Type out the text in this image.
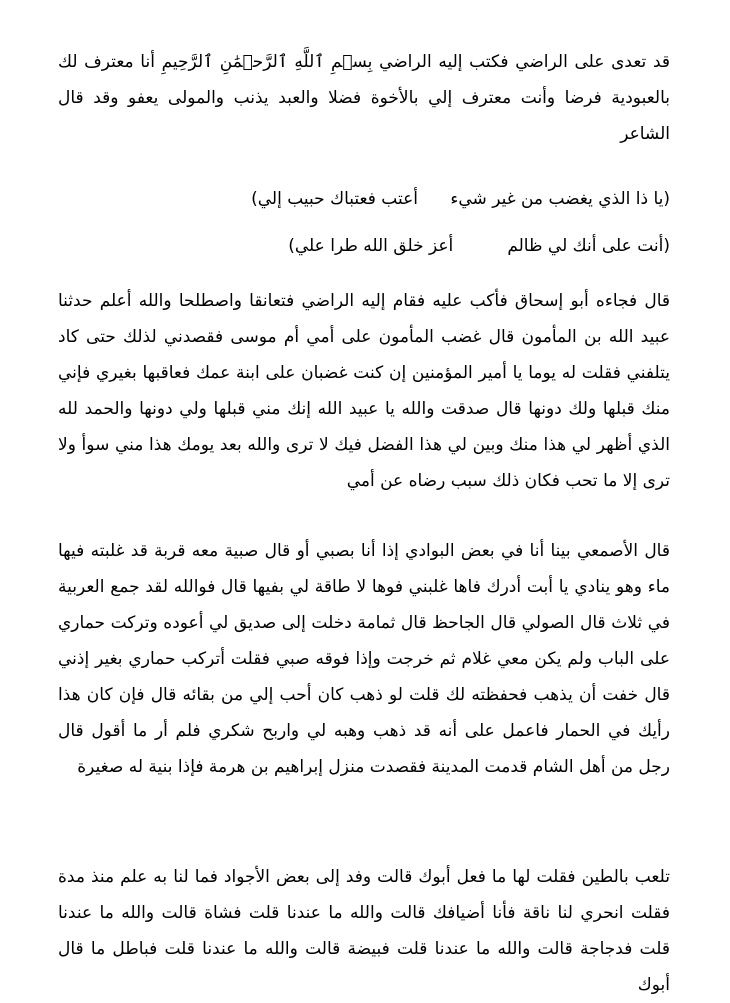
قد تعدى على الراضي فكتب إليه الراضي بِسۡمِ ٱللَّهِ ٱلرَّحۡمَٰنِ ٱلرَّحِيمِ أنا معترف لك بالعبودية فرضا وأنت معترف إلي بالأخوة فضلا والعبد يذنب والمولى يعفو وقد قال الشاعر

(يا ذا الذي يغضب من غير شيء      أعتب فعتباك حبيب إلي)

(أنت على أنك لي ظالم          أعز خلق الله طرا علي)

قال فجاءه أبو إسحاق فأكب عليه فقام إليه الراضي فتعانقا واصطلحا والله أعلم حدثنا عبيد الله بن المأمون قال غضب المأمون على أمي أم موسى فقصدني لذلك حتى كاد يتلفني فقلت له يوما يا أمير المؤمنين إن كنت غضبان على ابنة عمك فعاقبها بغيري فإني منك قبلها ولك دونها قال صدقت والله يا عبيد الله إنك مني قبلها ولي دونها والحمد لله الذي أظهر لي هذا منك وبين لي هذا الفضل فيك لا ترى والله بعد يومك هذا مني سوأ ولا ترى إلا ما تحب فكان ذلك سبب رضاه عن أمي

قال الأصمعي بينا أنا في بعض البوادي إذا أنا بصبي أو قال صبية معه قربة قد غلبته فيها ماء وهو ينادي يا أبت أدرك فاها غلبني فوها لا طاقة لي بفيها قال فوالله لقد جمع العربية في ثلاث قال الصولي قال الجاحظ قال ثمامة دخلت إلى صديق لي أعوده وتركت حماري على الباب ولم يكن معي غلام ثم خرجت وإذا فوقه صبي فقلت أتركب حماري بغير إذني قال خفت أن يذهب فحفظته لك قلت لو ذهب كان أحب إلي من بقائه قال فإن كان هذا رأيك في الحمار فاعمل على أنه قد ذهب وهبه لي واربح شكري فلم أر ما أقول قال رجل من أهل الشام قدمت المدينة فقصدت منزل إبراهيم بن هرمة فإذا بنية له صغيرة

تلعب بالطين فقلت لها ما فعل أبوك قالت وفد إلى بعض الأجواد فما لنا به علم منذ مدة فقلت انحري لنا ناقة فأنا أضيافك قالت والله ما عندنا قلت فشاة قالت والله ما عندنا قلت فدجاجة قالت والله ما عندنا قلت فبيضة قالت والله ما عندنا قلت فباطل ما قال أبوك
